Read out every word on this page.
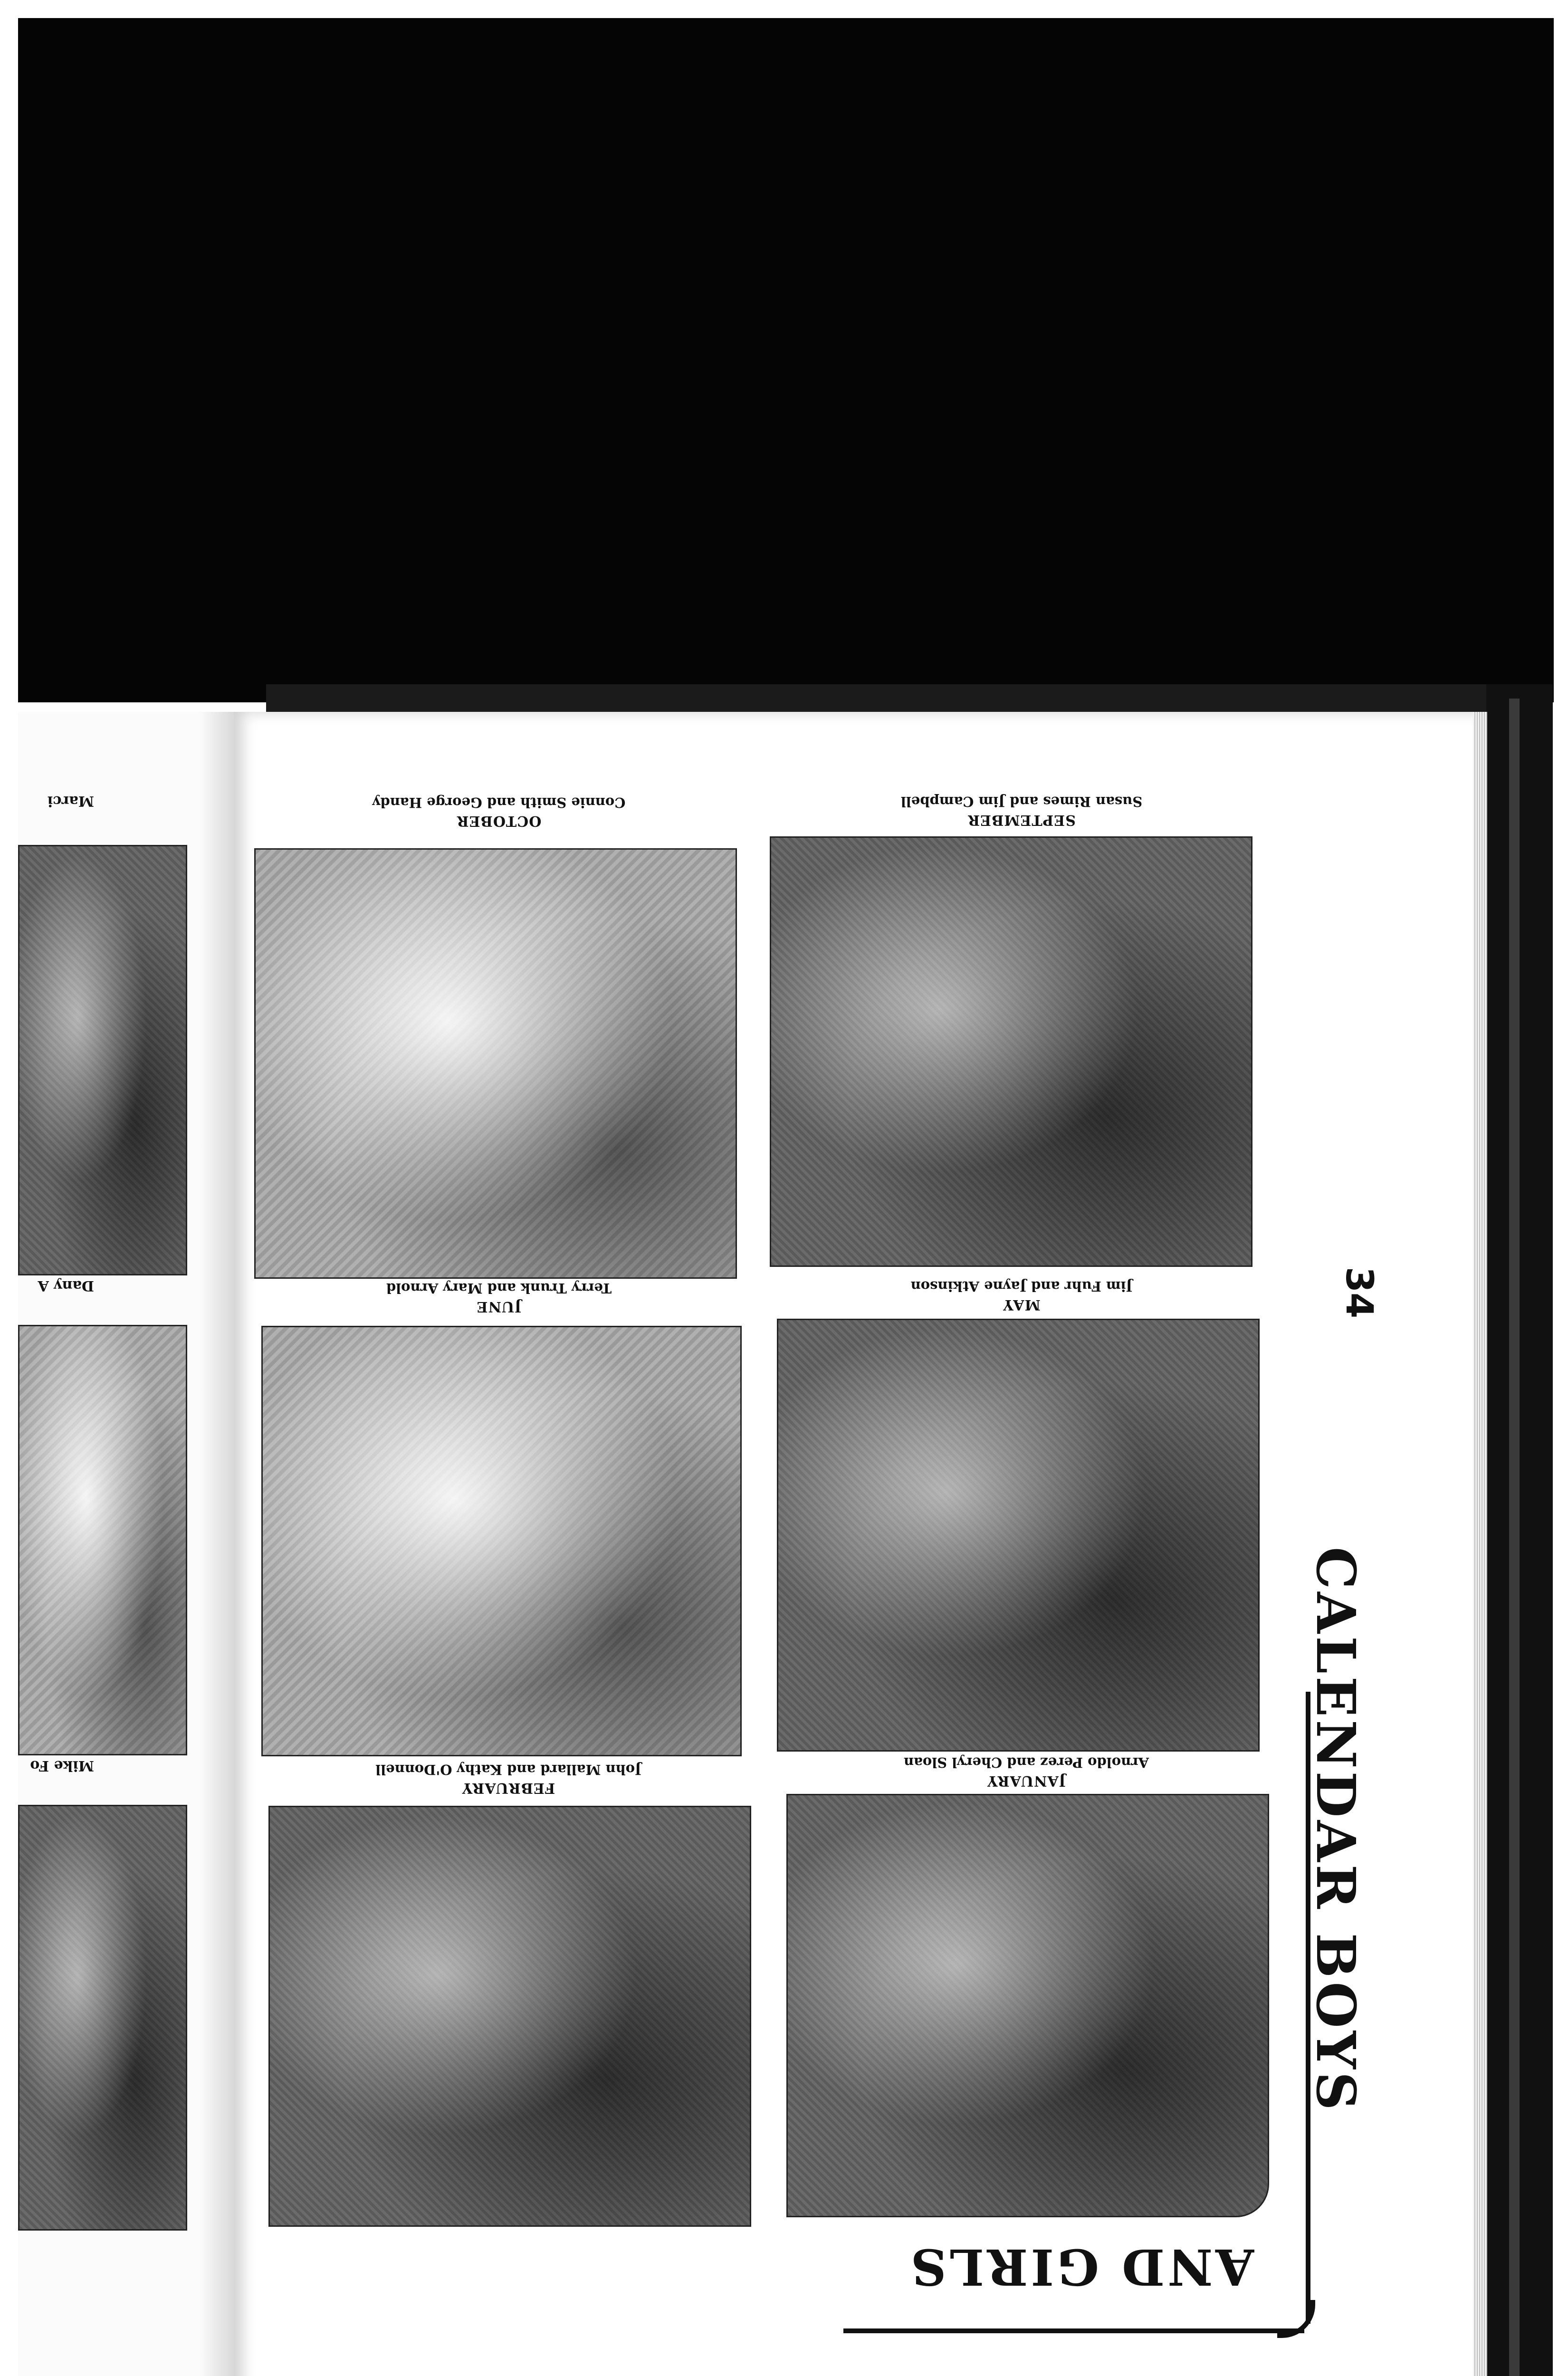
Marci
Dany A
Mike Fo
OCTOBER
Connie Smith and George Handy
JUNE
Terry Trunk and Mary Arnold
FEBRUARY
John Mallard and Kathy O'Donnell
SEPTEMBER
Susan Rimes and Jim Campbell
MAY
Jim Fuhr and Jayne Atkinson
JANUARY
Arnoldo Perez and Cheryl Sloan
34
CALENDAR BOYS
AND GIRLS
